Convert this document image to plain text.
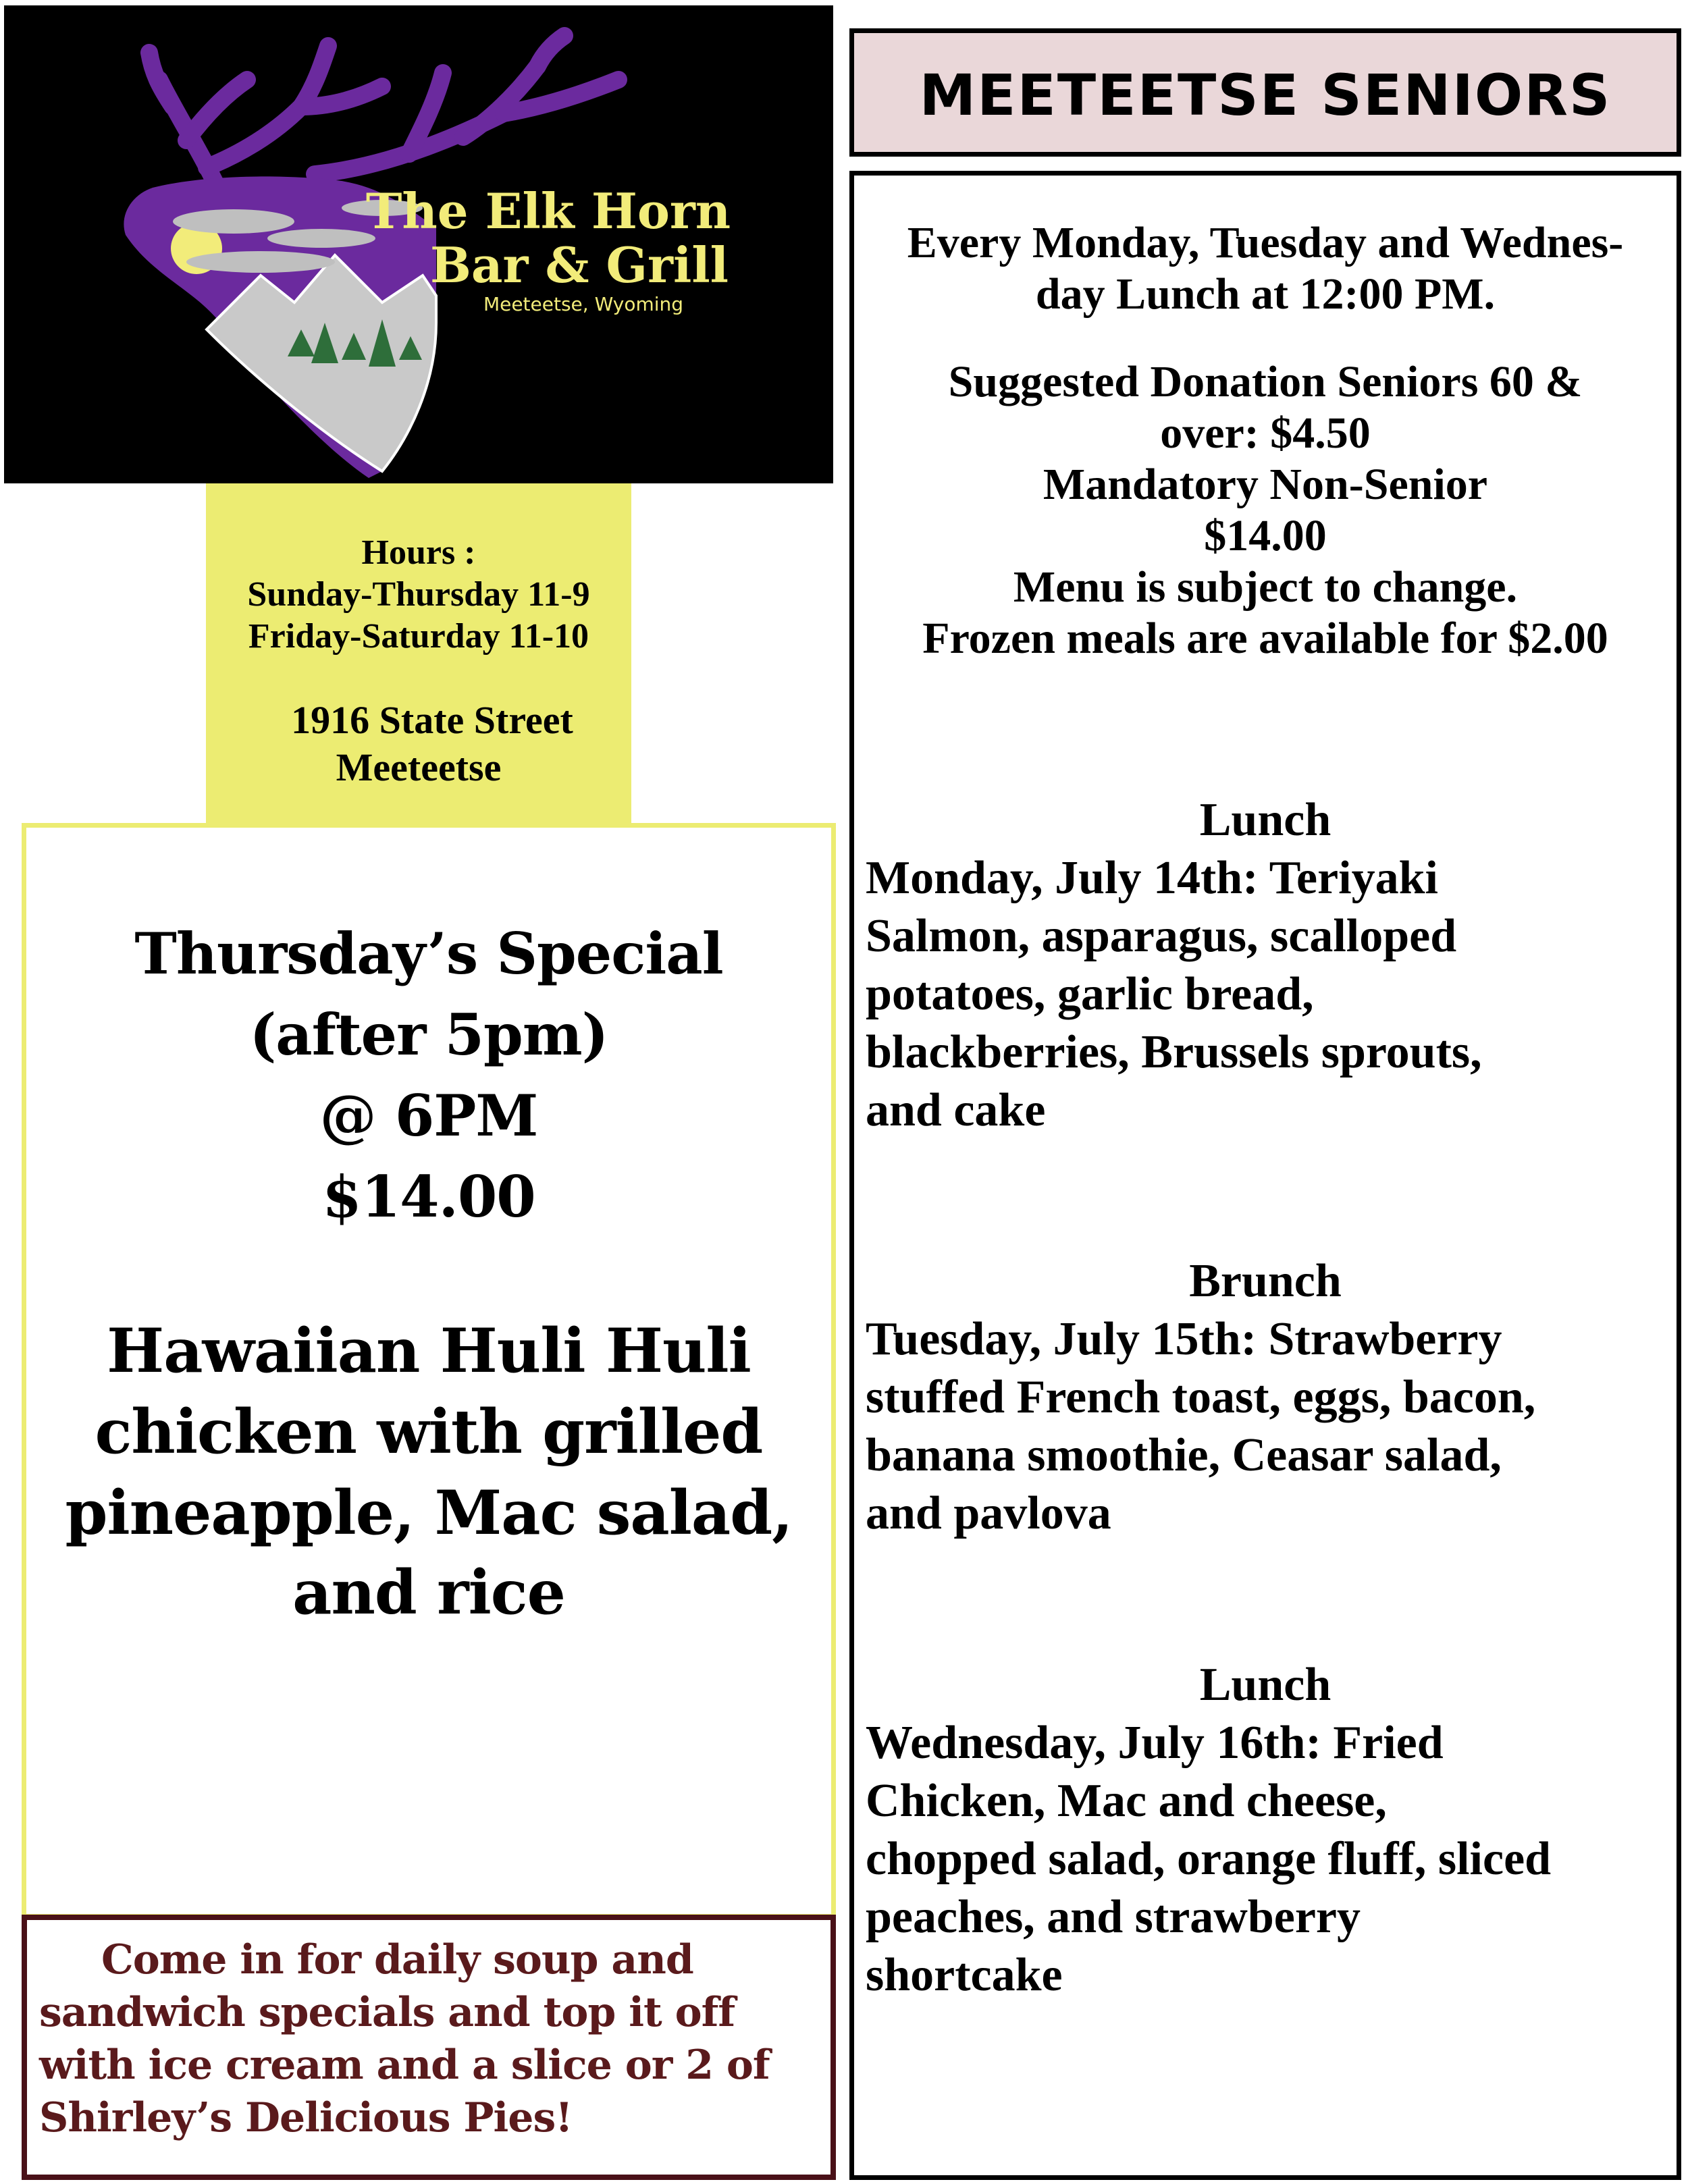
The Elk Horn
Bar & Grill
Meeteetse, Wyoming
Hours :
Sunday-Thursday 11-9
Friday-Saturday 11-10
1916 State Street
Meeteetse
Thursday’s Special
(after 5pm)
@ 6PM
$14.00
Hawaiian Huli Huli
chicken with grilled
pineapple, Mac salad,
and rice
Come in for daily soup and
sandwich specials and top it off
with ice cream and a slice or 2 of
Shirley’s Delicious Pies!
MEETEETSE SENIORS
Every Monday, Tuesday and Wednes-
day Lunch at 12:00 PM.
Suggested Donation Seniors 60 &
over: $4.50
Mandatory Non-Senior
$14.00
Menu is subject to change.
Frozen meals are available for $2.00
Lunch
Monday, July 14th: Teriyaki
Salmon, asparagus, scalloped
potatoes, garlic bread,
blackberries, Brussels sprouts,
and cake
Brunch
Tuesday, July 15th: Strawberry
stuffed French toast, eggs, bacon,
banana smoothie, Ceasar salad,
and pavlova
Lunch
Wednesday, July 16th: Fried
Chicken, Mac and cheese,
chopped salad, orange fluff, sliced
peaches, and strawberry
shortcake
